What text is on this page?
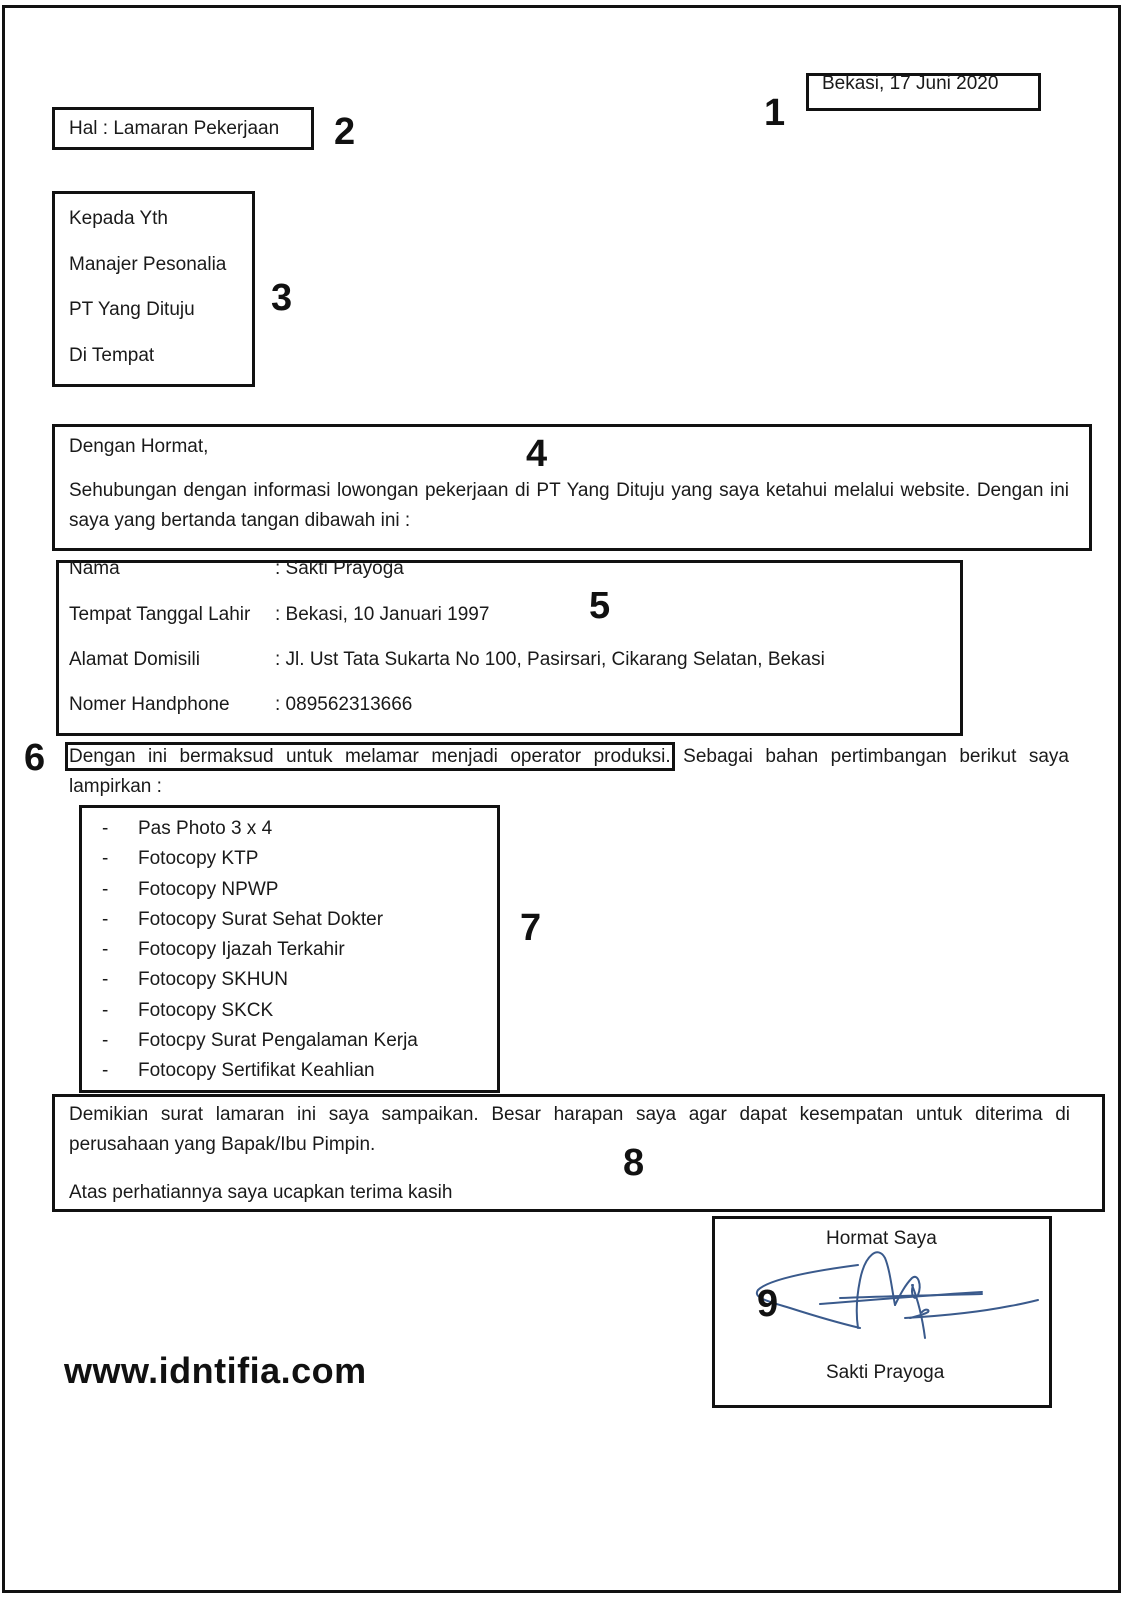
Bekasi, 17 Juni 2020
1
Hal : Lamaran Pekerjaan 2
Kepada Yth
Manajer Pesonalia
PT Yang Dituju
Di Tempat
3
Dengan Hormat,
Sehubungan dengan informasi lowongan pekerjaan di PT Yang Dituju yang saya ketahui melalui website. Dengan ini saya yang bertanda tangan dibawah ini :
4
Nama	: Sakti Prayoga
Tempat Tanggal Lahir : Bekasi, 10 Januari 1997
Alamat Domisili	: Jl. Ust Tata Sukarta No 100, Pasirsari, Cikarang Selatan, Bekasi
Nomer Handphone : 089562313666
5
6 Dengan ini bermaksud untuk melamar menjadi operator produksi. Sebagai bahan pertimbangan berikut saya lampirkan :
- Pas Photo 3 x 4
- Fotocopy KTP
- Fotocopy NPWP
- Fotocopy Surat Sehat Dokter
- Fotocopy Ijazah Terkahir
- Fotocopy SKHUN
- Fotocopy SKCK
- Fotocpy Surat Pengalaman Kerja
- Fotocopy Sertifikat Keahlian
7
Demikian surat lamaran ini saya sampaikan. Besar harapan saya agar dapat kesempatan untuk diterima di perusahaan yang Bapak/Ibu Pimpin.
Atas perhatiannya saya ucapkan terima kasih
8
Hormat Saya
9
Sakti Prayoga
www.idntifia.com
